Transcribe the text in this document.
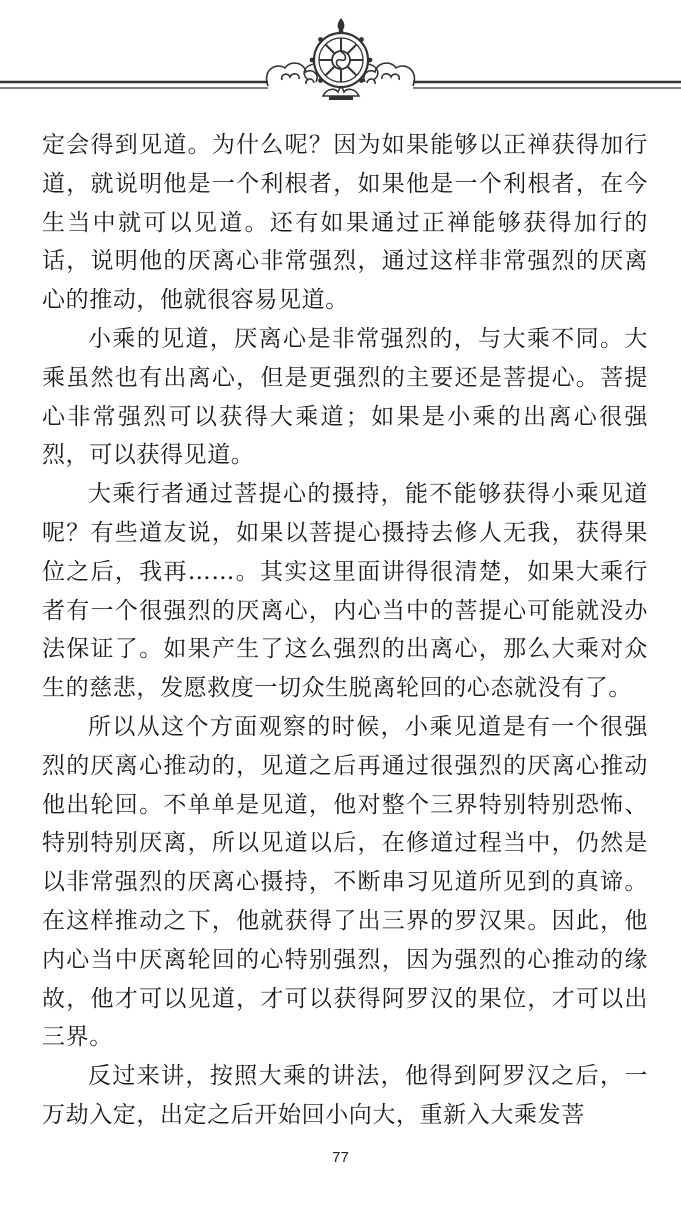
定会得到见道。为什么呢？因为如果能够以正禅获得加行道，就说明他是一个利根者，如果他是一个利根者，在今生当中就可以见道。还有如果通过正禅能够获得加行的话，说明他的厌离心非常强烈，通过这样非常强烈的厌离心的推动，他就很容易见道。

小乘的见道，厌离心是非常强烈的，与大乘不同。大乘虽然也有出离心，但是更强烈的主要还是菩提心。菩提心非常强烈可以获得大乘道；如果是小乘的出离心很强烈，可以获得见道。

大乘行者通过菩提心的摄持，能不能够获得小乘见道呢？有些道友说，如果以菩提心摄持去修人无我，获得果位之后，我再……。其实这里面讲得很清楚，如果大乘行者有一个很强烈的厌离心，内心当中的菩提心可能就没办法保证了。如果产生了这么强烈的出离心，那么大乘对众生的慈悲，发愿救度一切众生脱离轮回的心态就没有了。

所以从这个方面观察的时候，小乘见道是有一个很强烈的厌离心推动的，见道之后再通过很强烈的厌离心推动他出轮回。不单单是见道，他对整个三界特别特别恐怖、特别特别厌离，所以见道以后，在修道过程当中，仍然是以非常强烈的厌离心摄持，不断串习见道所见到的真谛。在这样推动之下，他就获得了出三界的罗汉果。因此，他内心当中厌离轮回的心特别强烈，因为强烈的心推动的缘故，他才可以见道，才可以获得阿罗汉的果位，才可以出三界。

反过来讲，按照大乘的讲法，他得到阿罗汉之后，一万劫入定，出定之后开始回小向大，重新入大乘发菩

77
